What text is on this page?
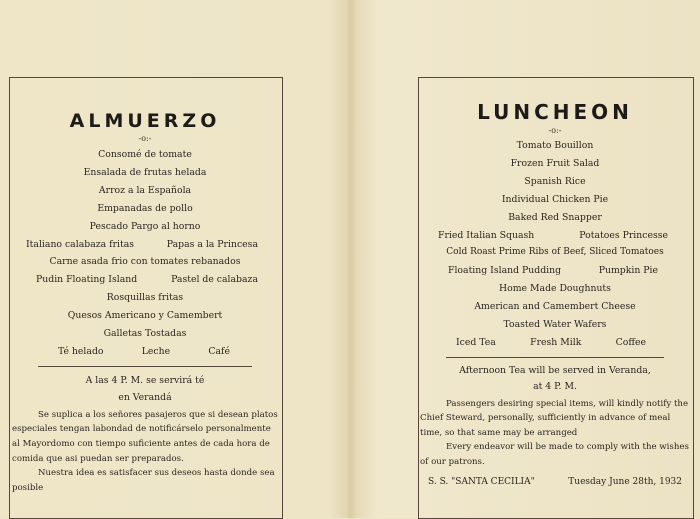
ALMUERZO
-o:-
Consomé de tomate
Ensalada de frutas helada
Arroz a la Española
Empanadas de pollo
Pescado Pargo al horno
Italiano calabaza fritas	Papas a la Princesa
Carne asada frio con tomates rebanados
Pudin Floating Island	Pastel de calabaza
Rosquillas fritas
Quesos Americano y Camembert
Galletas Tostadas
Té helado	Leche	Café
A las 4 P. M. se servirá té
en Verandá
Se suplica a los señores pasajeros que si desean platos especiales tengan labondad de notificárselo personalmente al Mayordomo con tiempo suficiente antes de cada hora de comida que asi puedan ser preparados.
Nuestra idea es satisfacer sus deseos hasta donde sea posible
LUNCHEON
-o:-
Tomato Bouillon
Frozen Fruit Salad
Spanish Rice
Individual Chicken Pie
Baked Red Snapper
Fried Italian Squash	Potatoes Princesse
Cold Roast Prime Ribs of Beef, Sliced Tomatoes
Floating Island Pudding	Pumpkin Pie
Home Made Doughnuts
American and Camembert Cheese
Toasted Water Wafers
Iced Tea	Fresh Milk	Coffee
Afternoon Tea will be served in Veranda,
at 4 P. M.
Passengers desiring special items, will kindly notify the Chief Steward, personally, sufficiently in advance of meal time, so that same may be arranged
Every endeavor will be made to comply with the wishes of our patrons.
S. S. "SANTA CECILIA"	Tuesday June 28th, 1932
